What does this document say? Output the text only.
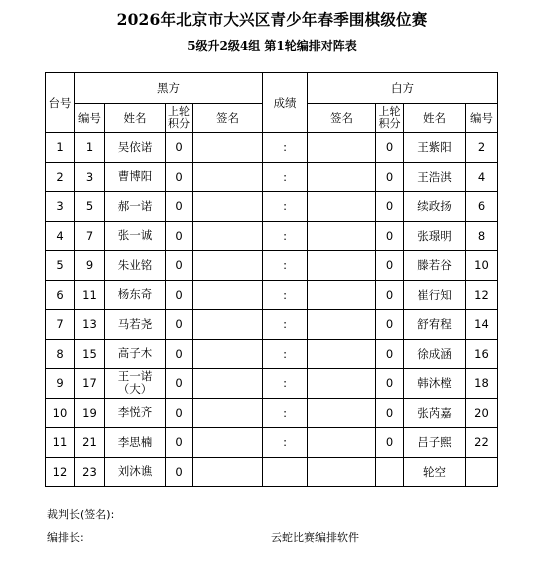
2026年北京市大兴区青少年春季围棋级位赛
5级升2级4组 第1轮编排对阵表
台号	黑方				成绩	白方			
	编号	姓名	上轮积分	签名		签名	上轮积分	姓名	编号
1	1	吴依诺	0		:		0	王紫阳	2
2	3	曹博阳	0		:		0	王浩淇	4
3	5	郝一诺	0		:		0	续政扬	6
4	7	张一诚	0		:		0	张璟明	8
5	9	朱业铭	0		:		0	滕若谷	10
6	11	杨东奇	0		:		0	崔行知	12
7	13	马若尧	0		:		0	舒宥程	14
8	15	高子木	0		:		0	徐成涵	16
9	17	王一诺（大）	0		:		0	韩沐樘	18
10	19	李悦齐	0		:		0	张芮嘉	20
11	21	李思楠	0		:		0	吕子熙	22
12	23	刘沐谯	0					轮空	
裁判长(签名):
编排长:	云蛇比赛编排软件
